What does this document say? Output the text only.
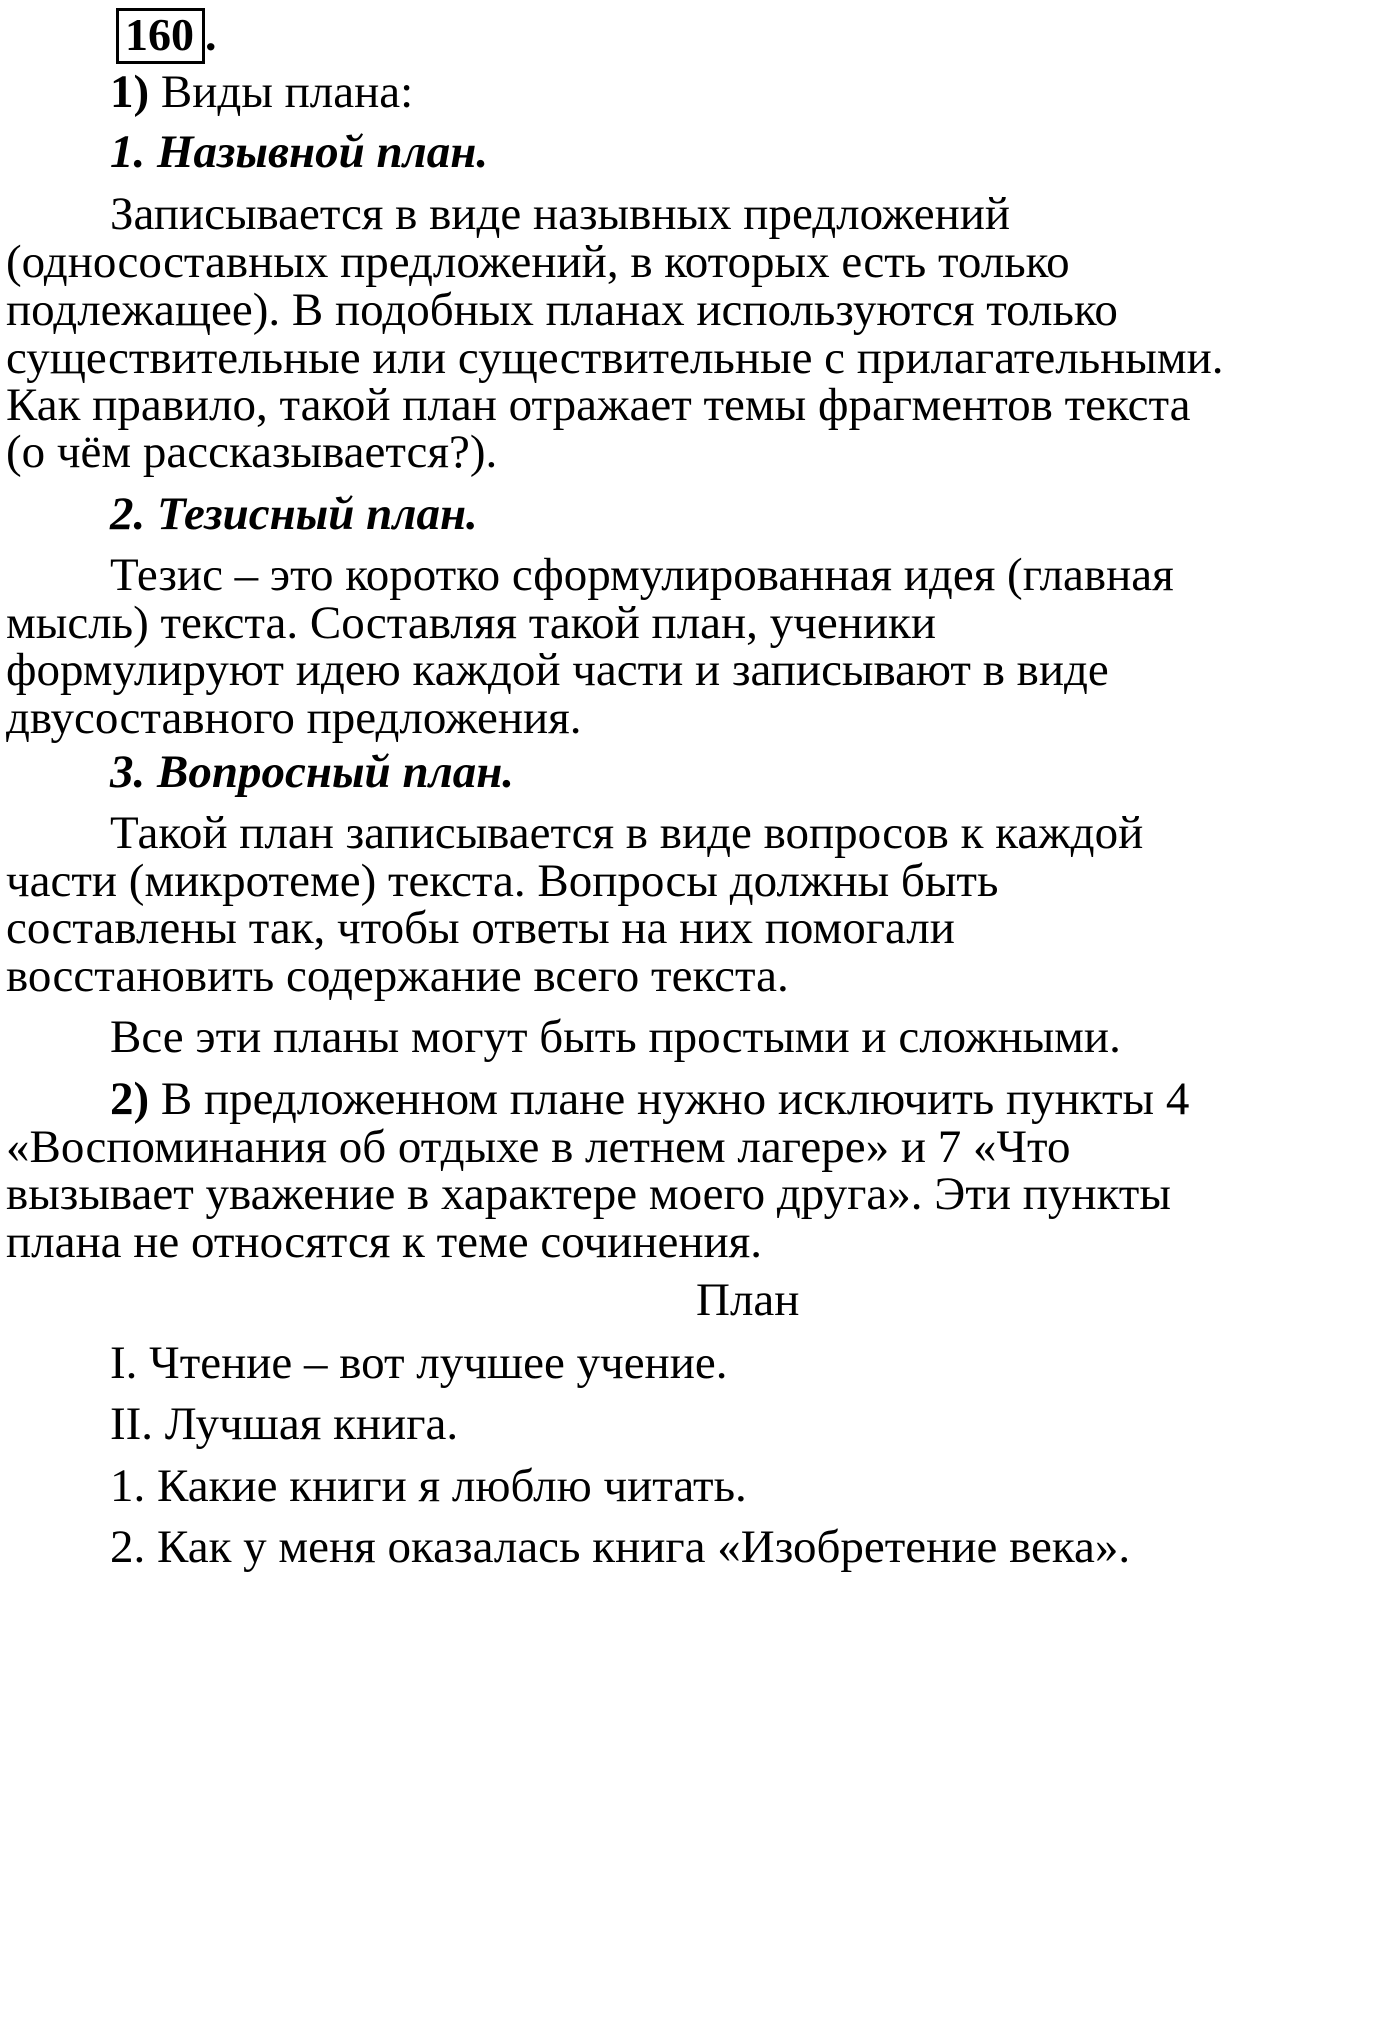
160 .

1) Виды плана:

1. Назывной план.

Записывается в виде назывных предложений

(односоставных предложений, в которых есть только

подлежащее). В подобных планах используются только

существительные или существительные с прилагательными.

Как правило, такой план отражает темы фрагментов текста

(о чём рассказывается?).

2. Тезисный план.

Тезис – это коротко сформулированная идея (главная

мысль) текста. Составляя такой план, ученики

формулируют идею каждой части и записывают в виде

двусоставного предложения.

3. Вопросный план.

Такой план записывается в виде вопросов к каждой

части (микротеме) текста. Вопросы должны быть

составлены так, чтобы ответы на них помогали

восстановить содержание всего текста.

Все эти планы могут быть простыми и сложными.

2) В предложенном плане нужно исключить пункты 4

«Воспоминания об отдыхе в летнем лагере» и 7 «Что

вызывает уважение в характере моего друга». Эти пункты

плана не относятся к теме сочинения.

План

I. Чтение – вот лучшее учение.

II. Лучшая книга.

1. Какие книги я люблю читать.

2. Как у меня оказалась книга «Изобретение века».
